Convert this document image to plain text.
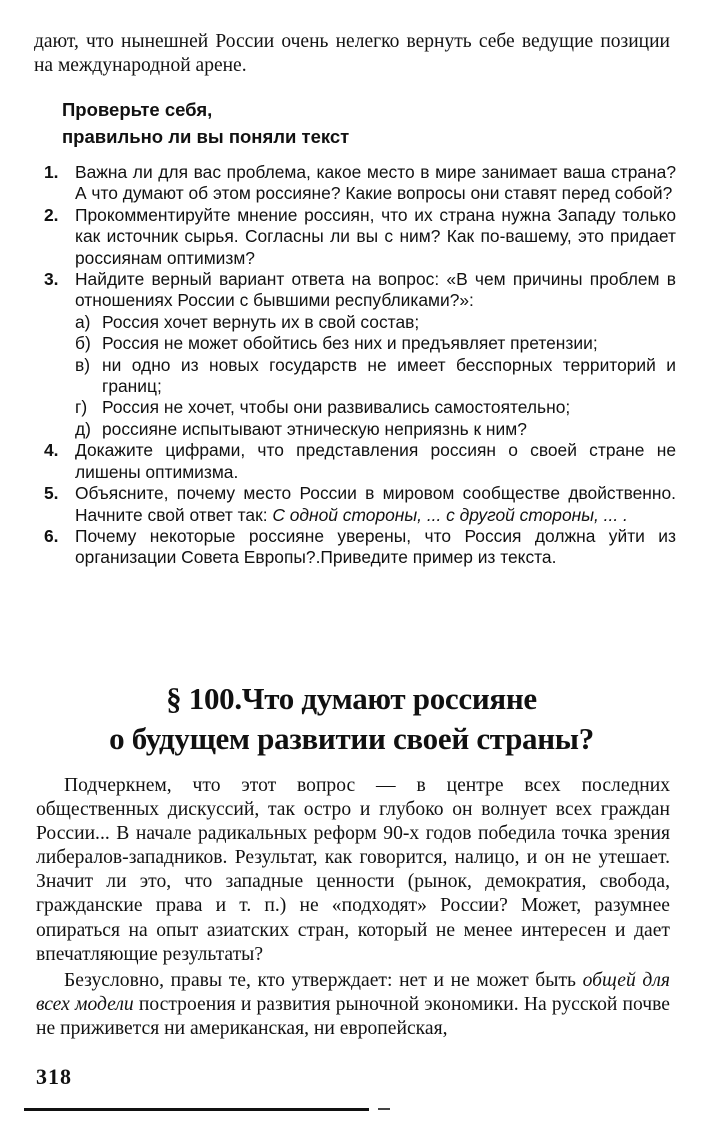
дают, что нынешней России очень нелегко вернуть себе ведущие позиции на международной арене.
Проверьте себя,
правильно ли вы поняли текст
1. Важна ли для вас проблема, какое место в мире занимает ваша страна? А что думают об этом россияне? Какие вопросы они ставят перед собой?
2. Прокомментируйте мнение россиян, что их страна нужна Западу только как источник сырья. Согласны ли вы с ним? Как по-вашему, это придает россиянам оптимизм?
3. Найдите верный вариант ответа на вопрос: «В чем причины проблем в отношениях России с бывшими республиками?»:
а) Россия хочет вернуть их в свой состав;
б) Россия не может обойтись без них и предъявляет претензии;
в) ни одно из новых государств не имеет бесспорных территорий и границ;
г) Россия не хочет, чтобы они развивались самостоятельно;
д) россияне испытывают этническую неприязнь к ним?
4. Докажите цифрами, что представления россиян о своей стране не лишены оптимизма.
5. Объясните, почему место России в мировом сообществе двойственно. Начните свой ответ так: С одной стороны, ... с другой стороны, ... .
6. Почему некоторые россияне уверены, что Россия должна уйти из организации Совета Европы?.Приведите пример из текста.
§ 100.Что думают россияне
о будущем развитии своей страны?
Подчеркнем, что этот вопрос — в центре всех последних общественных дискуссий, так остро и глубоко он волнует всех граждан России... В начале радикальных реформ 90-х годов победила точка зрения либералов-западников. Результат, как говорится, налицо, и он не утешает. Значит ли это, что западные ценности (рынок, демократия, свобода, гражданские права и т. п.) не «подходят» России? Может, разумнее опираться на опыт азиатских стран, который не менее интересен и дает впечатляющие результаты?
Безусловно, правы те, кто утверждает: нет и не может быть общей для всех модели построения и развития рыночной экономики. На русской почве не приживется ни американская, ни европейская,
318
